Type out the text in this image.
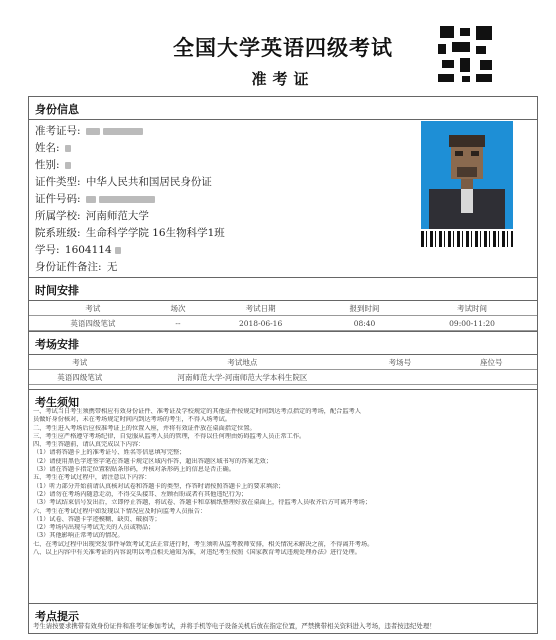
全国大学英语四级考试
准考证
身份信息
准考证号:
姓名:
性别:
证件类型: 中华人民共和国居民身份证
证件号码:
所属学校: 河南师范大学
院系班级: 生命科学学院 16生物科学1班
学号: 1604114
身份证件备注: 无
时间安排
考试	场次	考试日期	报到时间	考试时间
英语四级笔试	--	2018-06-16	08:40	09:00-11:20
考场安排
考试	考试地点	考场号	座位号
英语四级笔试	河南师范大学-河南师范大学本科生院区		
考生须知

一、考试当日考生须携带相应有效身份证件、准考证及学校规定的其他证件按规定时间到达考点指定的考场，配合监考人

员做好身份核对，未在考场规定时间内到达考场的考生，不得入场考试。

二、考生进入考场后应按准考证上的位置入座，并将有效证件放在桌面指定位置。

三、考生应严格遵守考场纪律，自觉服从监考人员的管理，不得以任何理由妨碍监考人员正常工作。

四、考生答题前，请认真完成以下内容：

（1）请将答题卡上的准考证号、姓名等信息填写完整；

（2）请使用黑色字迹签字笔在答题卡规定区域内作答，超出答题区域书写的答案无效；

（3）请在答题卡指定位置粘贴条形码，并核对条形码上的信息是否正确。

五、考生在考试过程中，请注意以下内容：

（1）听力部分开始前请认真核对试卷和答题卡的类型，作答时请按照答题卡上的要求填涂；

（2）请勿在考场内随意走动，不得交头接耳、左顾右盼或者有其他违纪行为；

（3）考试结束信号发出后，立即停止答题，将试卷、答题卡和草稿纸整理好放在桌面上，待监考人员收齐后方可离开考场；

六、考生在考试过程中如发现以下情况应及时向监考人员报告：

（1）试卷、答题卡字迹模糊、缺页、破损等；

（2）考场内出现与考试无关的人员或物品；

（3）其他影响正常考试的情况。

七、在考试过程中出现突发事件导致考试无法正常进行时，考生须听从监考教师安排，相关情况未解决之前，不得离开考场。

八、以上内容中有关准考证的内容说明以考点相关通知为准，对违纪考生按照《国家教育考试违规处理办法》进行处理。

考点提示
考生请按要求携带有效身份证件和准考证参加考试，并将手机等电子设备关机后放在指定位置，严禁携带相关资料进入考场，违者按违纪处理！
